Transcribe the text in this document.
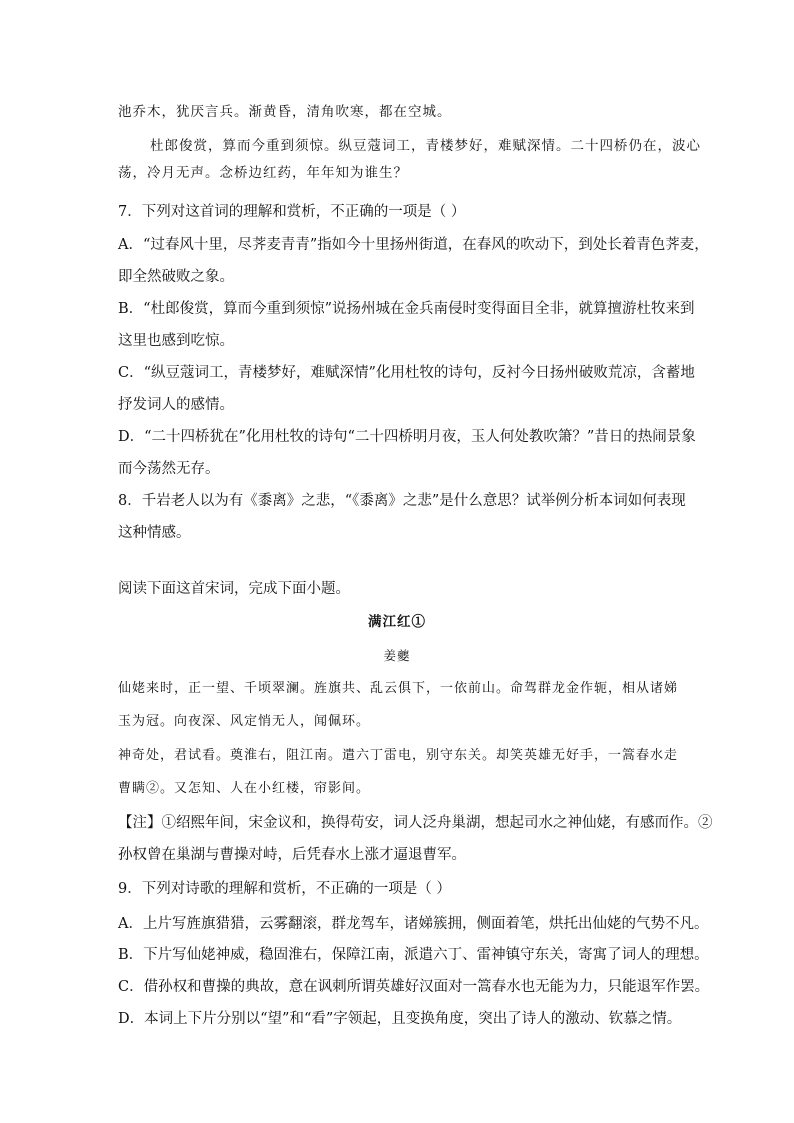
池乔木，犹厌言兵。渐黄昏，清角吹寒，都在空城。
杜郎俊赏，算而今重到须惊。纵豆蔻词工，青楼梦好，难赋深情。二十四桥仍在，波心
荡，冷月无声。念桥边红药，年年知为谁生？
7．下列对这首词的理解和赏析，不正确的一项是（ ）
A．“过春风十里，尽荠麦青青”指如今十里扬州街道，在春风的吹动下，到处长着青色荠麦，
即全然破败之象。
B．“杜郎俊赏，算而今重到须惊”说扬州城在金兵南侵时变得面目全非，就算擅游杜牧来到
这里也感到吃惊。
C．“纵豆蔻词工，青楼梦好，难赋深情”化用杜牧的诗句，反衬今日扬州破败荒凉，含蓄地
抒发词人的感情。
D．“二十四桥犹在”化用杜牧的诗句“二十四桥明月夜，玉人何处教吹箫？”昔日的热闹景象
而今荡然无存。
8．千岩老人以为有《黍离》之悲，“《黍离》之悲”是什么意思？试举例分析本词如何表现
这种情感。
阅读下面这首宋词，完成下面小题。
满江红①
姜夔
仙姥来时，正一望、千顷翠澜。旌旗共、乱云俱下，一依前山。命驾群龙金作轭，相从诸娣
玉为冠。向夜深、风定悄无人，闻佩环。
神奇处，君试看。奠淮右，阻江南。遣六丁雷电，别守东关。却笑英雄无好手，一篙春水走
曹瞒②。又怎知、人在小红楼，帘影间。
【注】①绍熙年间，宋金议和，换得苟安，词人泛舟巢湖，想起司水之神仙姥，有感而作。②
孙权曾在巢湖与曹操对峙，后凭春水上涨才逼退曹军。
9．下列对诗歌的理解和赏析，不正确的一项是（ ）
A．上片写旌旗猎猎，云雾翻滚，群龙驾车，诸娣簇拥，侧面着笔，烘托出仙姥的气势不凡。
B．下片写仙姥神威，稳固淮右，保障江南，派遣六丁、雷神镇守东关，寄寓了词人的理想。
C．借孙权和曹操的典故，意在讽刺所谓英雄好汉面对一篙春水也无能为力，只能退军作罢。
D．本词上下片分别以“望”和“看”字领起，且变换角度，突出了诗人的激动、钦慕之情。
